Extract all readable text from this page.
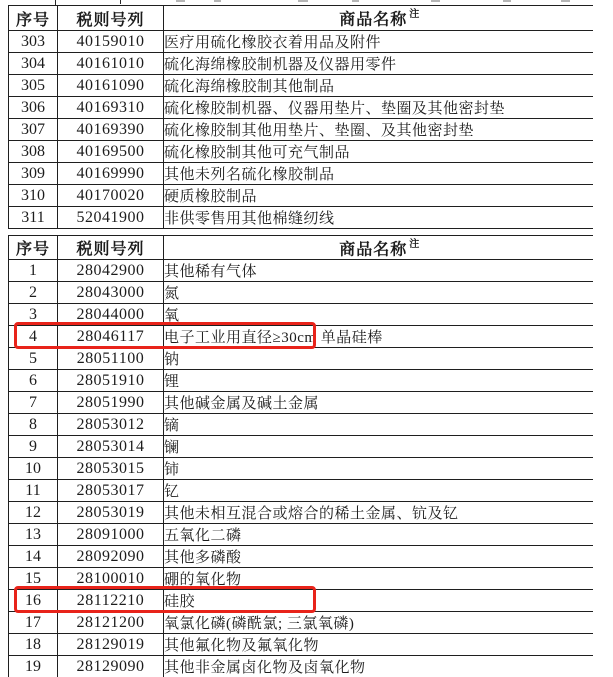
序号	税则号列	商品名称 $^注$
303	40159010	医疗用硫化橡胶衣着用品及附件
304	40161010	硫化海绵橡胶制机器及仪器用零件
305	40161090	硫化海绵橡胶制其他制品
306	40169310	硫化橡胶制机器、仪器用垫片、垫圈及其他密封垫
307	40169390	硫化橡胶制其他用垫片、垫圈、及其他密封垫
308	40169500	硫化橡胶制其他可充气制品
309	40169990	其他未列名硫化橡胶制品
310	40170020	硬质橡胶制品
311	52041900	非供零售用其他棉缝纫线
序号	税则号列	商品名称 $^注$
1	28042900	其他稀有气体
2	28043000	氮
3	28044000	氧
4	28046117	电子工业用直径≥30cm 单晶硅棒
5	28051100	钠
6	28051910	锂
7	28051990	其他碱金属及碱土金属
8	28053012	镝
9	28053014	镧
10	28053015	铈
11	28053017	钇
12	28053019	其他未相互混合或熔合的稀土金属、钪及钇
13	28091000	五氧化二磷
14	28092090	其他多磷酸
15	28100010	硼的氧化物
16	28112210	硅胶
17	28121200	氧氯化磷(磷酰氯; 三氯氧磷)
18	28129019	其他氟化物及氟氧化物
19	28129090	其他非金属卤化物及卤氧化物
